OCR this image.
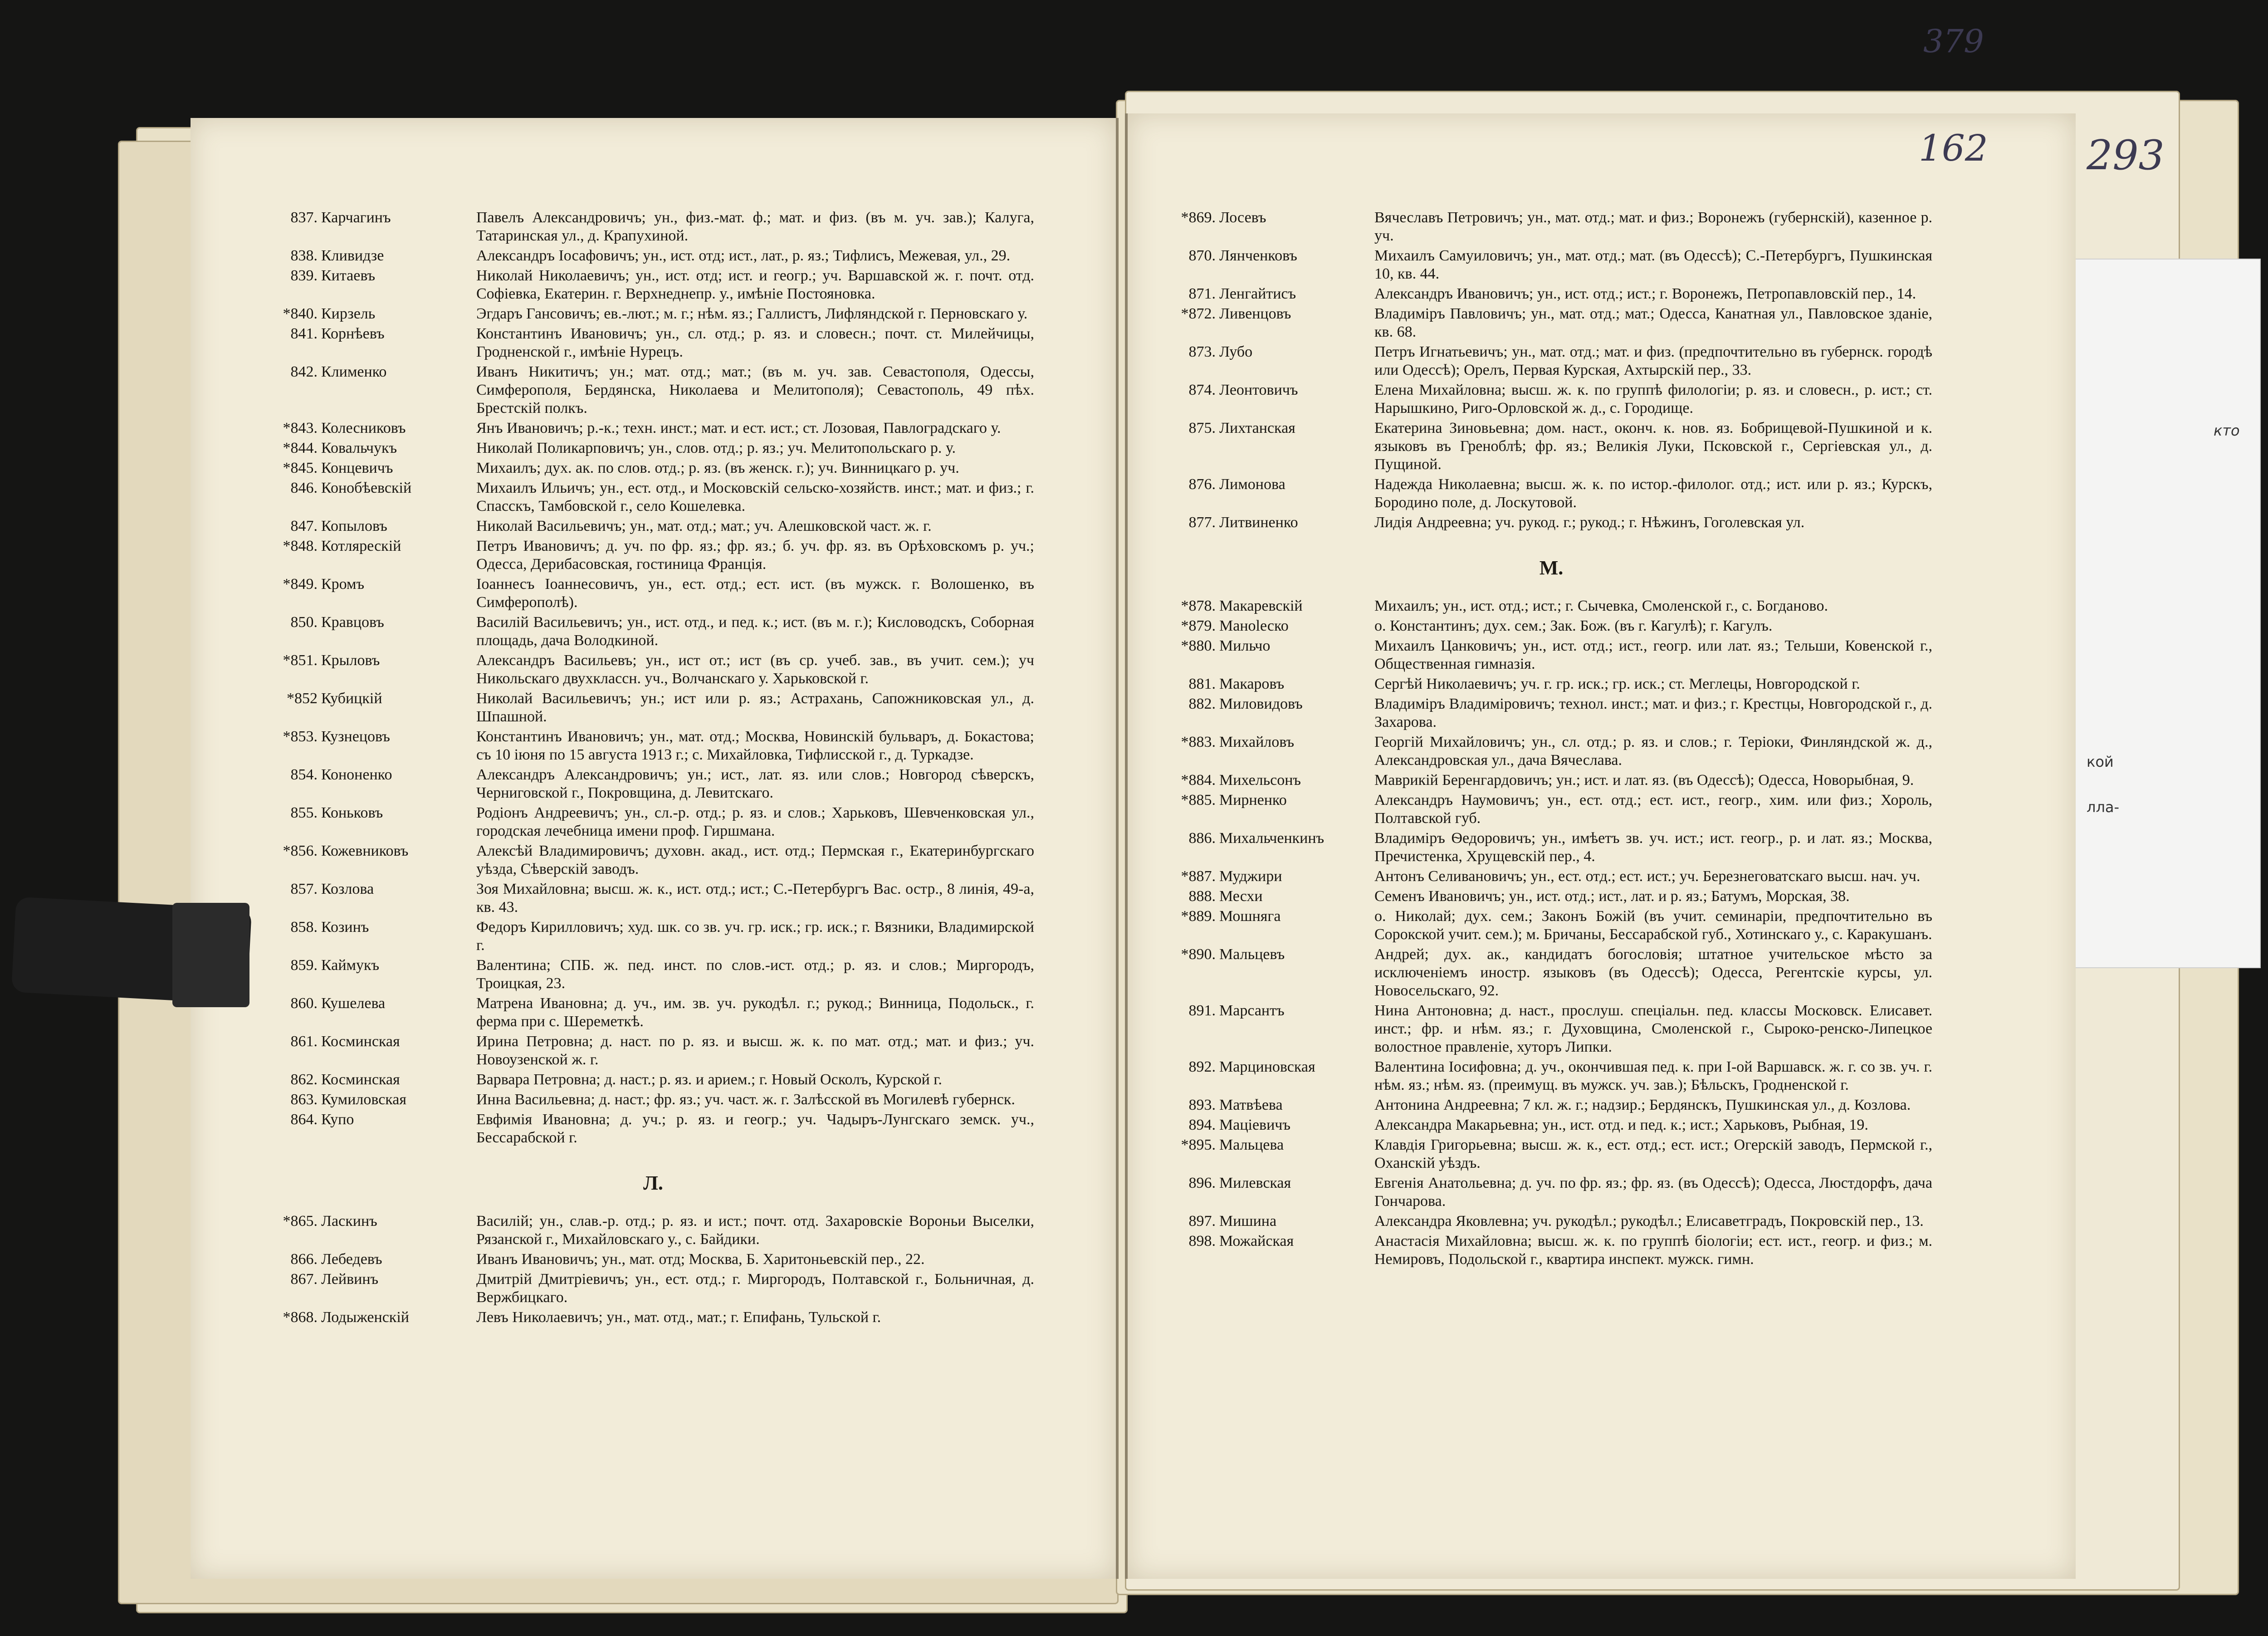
кой
лла-
кто
379
162 293
837. Карчагинъ	Павелъ Александровичъ; ун., физ.-мат. ф.; мат. и физ. (въ м. уч. зав.); Калуга, Татаринская ул., д. Крапухиной.
838. Кливидзе	Александръ Iосафовичъ; ун., ист. отд; ист., лат., р. яз.; Тифлисъ, Межевая, ул., 29.
839. Китаевъ	Николай Николаевичъ; ун., ист. отд; ист. и геогр.; уч. Варшавской ж. г. почт. отд. Софiевка, Екатерин. г. Верхнеднепр. у., имѣнiе Постояновка.
*840. Кирзель	Эгдаръ Гансовичъ; ев.-лют.; м. г.; нѣм. яз.; Галлистъ, Лифляндской г. Перновскаго у.
841. Корнѣевъ	Константинъ Ивановичъ; ун., сл. отд.; р. яз. и словесн.; почт. ст. Милейчицы, Гродненской г., имѣнiе Нурецъ.
842. Клименко	Иванъ Никитичъ; ун.; мат. отд.; мат.; (въ м. уч. зав. Севастополя, Одессы, Симферополя, Бердянска, Николаева и Мелитополя); Севастополь, 49 пѣх. Брестскiй полкъ.
*843. Колесниковъ	Янъ Ивановичъ; р.-к.; техн. инст.; мат. и ест. ист.; ст. Лозовая, Павлоградскаго у.
*844. Ковальчукъ	Николай Поликарповичъ; ун., слов. отд.; р. яз.; уч. Мелитопольскаго р. у.
*845. Концевичъ	Михаилъ; дух. ак. по слов. отд.; р. яз. (въ женск. г.); уч. Винницкаго р. уч.
846. Конобѣевскiй	Михаилъ Ильичъ; ун., ест. отд., и Московскiй сельско-хозяйств. инст.; мат. и физ.; г. Спасскъ, Тамбовской г., село Кошелевка.
847. Копыловъ	Николай Васильевичъ; ун., мат. отд.; мат.; уч. Алешковской част. ж. г.
*848. Котлярескiй	Петръ Ивановичъ; д. уч. по фр. яз.; фр. яз.; б. уч. фр. яз. въ Орѣховскомъ р. уч.; Одесса, Дерибасовская, гостиница Францiя.
*849. Кромъ	Iоаннесъ Iоаннесовичъ, ун., ест. отд.; ест. ист. (въ мужск. г. Волошенко, въ Симферополѣ).
850. Кравцовъ	Василiй Васильевичъ; ун., ист. отд., и пед. к.; ист. (въ м. г.); Кисловодскъ, Соборная площадь, дача Володкиной.
*851. Крыловъ	Александръ Васильевъ; ун., ист от.; ист (въ ср. учеб. зав., въ учит. сем.); уч Никольскаго двухклассн. уч., Волчанскаго у. Харьковской г.
*852 Кубицкiй	Николай Васильевичъ; ун.; ист или р. яз.; Астрахань, Сапожниковская ул., д. Шпашной.
*853. Кузнецовъ	Константинъ Ивановичъ; ун., мат. отд.; Москва, Новинскiй бульваръ, д. Бокастова; съ 10 iюня по 15 августа 1913 г.; с. Михайловка, Тифлисской г., д. Туркадзе.
854. Кононенко	Александръ Александровичъ; ун.; ист., лат. яз. или слов.; Новгород сѣверскъ, Черниговской г., Покровщина, д. Левитскаго.
855. Коньковъ	Родiонъ Андреевичъ; ун., сл.-р. отд.; р. яз. и слов.; Харьковъ, Шевченковская ул., городская лечебница имени проф. Гиршмана.
*856. Кожевниковъ	Алексѣй Владимировичъ; духовн. акад., ист. отд.; Пермская г., Екатеринбургскаго уѣзда, Сѣверскiй заводъ.
857. Козлова	Зоя Михайловна; высш. ж. к., ист. отд.; ист.; С.-Петербургъ Вас. остр., 8 линiя, 49-а, кв. 43.
858. Козинъ	Федоръ Кирилловичъ; худ. шк. со зв. уч. гр. иск.; гр. иск.; г. Вязники, Владимирской г.
859. Каймукъ	Валентина; СПБ. ж. пед. инст. по слов.-ист. отд.; р. яз. и слов.; Миргородъ, Троицкая, 23.
860. Кушелева	Матрена Ивановна; д. уч., им. зв. уч. рукодѣл. г.; рукод.; Винница, Подольск., г. ферма при с. Шереметкѣ.
861. Косминская	Ирина Петровна; д. наст. по р. яз. и высш. ж. к. по мат. отд.; мат. и физ.; уч. Новоузенской ж. г.
862. Косминская	Варвара Петровна; д. наст.; р. яз. и арием.; г. Новый Осколъ, Курской г.
863. Кумиловская	Инна Васильевна; д. наст.; фр. яз.; уч. част. ж. г. Залѣсской въ Могилевѣ губернск.
864. Купо	Евфимiя Ивановна; д. уч.; р. яз. и геогр.; уч. Чадыръ-Лунгскаго земск. уч., Бессарабской г.
Л.
*865. Ласкинъ	Василiй; ун., слав.-р. отд.; р. яз. и ист.; почт. отд. Захаровскiе Вороньи Выселки, Рязанской г., Михайловскаго у., с. Байдики.
866. Лебедевъ	Иванъ Ивановичъ; ун., мат. отд; Москва, Б. Харитоньевскiй пер., 22.
867. Лейвинъ	Дмитрiй Дмитрiевичъ; ун., ест. отд.; г. Миргородъ, Полтавской г., Больничная, д. Вержбицкаго.
*868. Лодыженскiй	Левъ Николаевичъ; ун., мат. отд., мат.; г. Епифань, Тульской г.
*869. Лосевъ	Вячеславъ Петровичъ; ун., мат. отд.; мат. и физ.; Воронежъ (губернскiй), казенное р. уч.
870. Лянченковъ	Михаилъ Самуиловичъ; ун., мат. отд.; мат. (въ Одессѣ); С.-Петербургъ, Пушкинская 10, кв. 44.
871. Ленгайтисъ	Александръ Ивановичъ; ун., ист. отд.; ист.; г. Воронежъ, Петропавловскiй пер., 14.
*872. Ливенцовъ	Владимiръ Павловичъ; ун., мат. отд.; мат.; Одесса, Канатная ул., Павловское зданiе, кв. 68.
873. Лубо	Петръ Игнатьевичъ; ун., мат. отд.; мат. и физ. (предпочтительно въ губернск. городѣ или Одессѣ); Орелъ, Первая Курская, Ахтырскiй пер., 33.
874. Леонтовичъ	Елена Михайловна; высш. ж. к. по группѣ филологiи; р. яз. и словесн., р. ист.; ст. Нарышкино, Риго-Орловской ж. д., с. Городище.
875. Лихтанская	Екатерина Зиновьевна; дом. наст., оконч. к. нов. яз. Бобрищевой-Пушкиной и к. языковъ въ Греноблѣ; фр. яз.; Великiя Луки, Псковской г., Сергiевская ул., д. Пущиной.
876. Лимонова	Надежда Николаевна; высш. ж. к. по истор.-филолог. отд.; ист. или р. яз.; Курскъ, Бородино поле, д. Лоскутовой.
877. Литвиненко	Лидiя Андреевна; уч. рукод. г.; рукод.; г. Нѣжинъ, Гоголевская ул.
М.
*878. Макаревскiй	Михаилъ; ун., ист. отд.; ист.; г. Сычевка, Смоленской г., с. Богдановo.
*879. Маноlеско	о. Константинъ; дух. сем.; Зак. Бож. (въ г. Кагулѣ); г. Кагулъ.
*880. Мильчо	Михаилъ Цанковичъ; ун., ист. отд.; ист., геогр. или лат. яз.; Тельши, Ковенской г., Общественная гимназiя.
881. Макаровъ	Сергѣй Николаевичъ; уч. г. гр. иск.; гр. иск.; ст. Меглецы, Новгородской г.
882. Миловидовъ	Владимiръ Владимiровичъ; технол. инст.; мат. и физ.; г. Крестцы, Новгородской г., д. Захарова.
*883. Михайловъ	Георгiй Михайловичъ; ун., сл. отд.; р. яз. и слов.; г. Терiоки, Финляндской ж. д., Александровская ул., дача Вячеслава.
*884. Михельсонъ	Маврикiй Беренгардовичъ; ун.; ист. и лат. яз. (въ Одессѣ); Одесса, Новорыбная, 9.
*885. Мирненко	Александръ Наумовичъ; ун., ест. отд.; ест. ист., геогр., хим. или физ.; Хороль, Полтавской губ.
886. Михальченкинъ	Владимiръ Ѳедоровичъ; ун., имѣетъ зв. уч. ист.; ист. геогр., р. и лат. яз.; Москва, Пречистенка, Хрущевскiй пер., 4.
*887. Муджири	Антонъ Селивановичъ; ун., ест. отд.; ест. ист.; уч. Березнеговатскаго высш. нач. уч.
888. Месхи	Семенъ Ивановичъ; ун., ист. отд.; ист., лат. и р. яз.; Батумъ, Морская, 38.
*889. Мошняга	о. Николай; дух. сем.; Законъ Божiй (въ учит. семинарiи, предпочтительно въ Сорокской учит. сем.); м. Бричаны, Бессарабской губ., Хотинскаго у., с. Каракушанъ.
*890. Мальцевъ	Андрей; дух. ак., кандидатъ богословiя; штатное учительское мѣсто за исключенiемъ иностр. языковъ (въ Одессѣ); Одесса, Регентскiе курсы, ул. Новосельскаго, 92.
891. Марсантъ	Нина Антоновна; д. наст., прослуш. спецiальн. пед. классы Московск. Елисавет. инст.; фр. и нѣм. яз.; г. Духовщина, Смоленской г., Сыроко-ренско-Липецкое волостное правленiе, хуторъ Липки.
892. Марциновская	Валентина Iосифовна; д. уч., окончившая пед. к. при I-ой Варшавск. ж. г. со зв. уч. г. нѣм. яз.; нѣм. яз. (преимущ. въ мужск. уч. зав.); Бѣльскъ, Гродненской г.
893. Матвѣева	Антонина Андреевна; 7 кл. ж. г.; надзир.; Бердянскъ, Пушкинская ул., д. Козлова.
894. Мацiевичъ	Александра Макарьевна; ун., ист. отд. и пед. к.; ист.; Харьковъ, Рыбная, 19.
*895. Мальцева	Клавдiя Григорьевна; высш. ж. к., ест. отд.; ест. ист.; Огерскiй заводъ, Пермской г., Оханскiй уѣздъ.
896. Милевская	Евгенiя Анатольевна; д. уч. по фр. яз.; фр. яз. (въ Одессѣ); Одесса, Люстдорфъ, дача Гончарова.
897. Мишина	Александра Яковлевна; уч. рукодѣл.; рукодѣл.; Елисаветградъ, Покровскiй пер., 13.
898. Можайская	Анастасiя Михайловна; высш. ж. к. по группѣ бiологiи; ест. ист., геогр. и физ.; м. Немировъ, Подольской г., квартира инспект. мужск. гимн.
